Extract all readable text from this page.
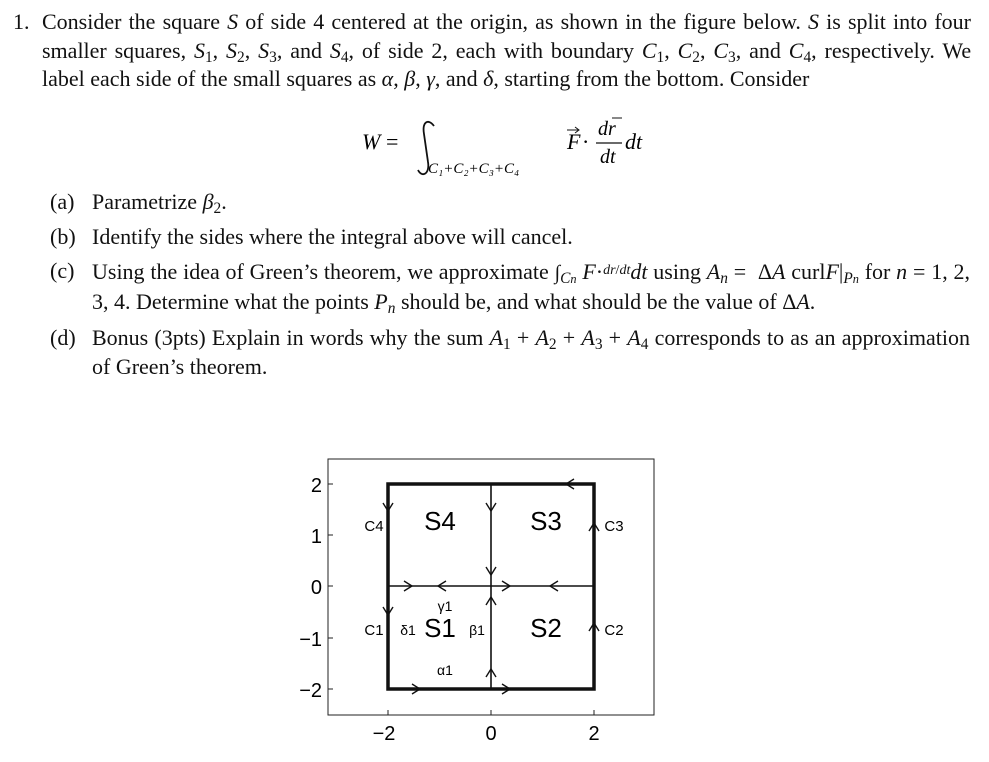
1. Consider the square S of side 4 centered at the origin, as shown in the figure below. S is split into four smaller squares, $S_1$, $S_2$, $S_3$, and $S_4$, of side 2, each with boundary $C_1$, $C_2$, $C_3$, and $C_4$, respectively. We label each side of the small squares as α, β, γ, and δ, starting from the bottom. Consider
W =
C₁+C₂+C₃+C₄
F · dr
dt
dt
(a) Parametrize $\beta_2$.
(b) Identify the sides where the integral above will cancel.
(c) Using the idea of Green’s theorem, we approximate $\int_{Cn}$ F·$^{dr/dt}$dt using $A_n = \Delta A$ $curlF|_{Pn}$ for n = 1, 2, 3, 4. Determine what the points $P_n$ should be, and what should be the value of ΔA.
(d) Bonus (3pts) Explain in words why the sum $A_1 + A_2 + A_3 + A_4$ corresponds to as an approximation of Green’s theorem.
2
1
0
−1
−2
−2	0	2
S4	S3
S1	S2
C4	C3
C1	C2
α1
β1
γ1
δ1
